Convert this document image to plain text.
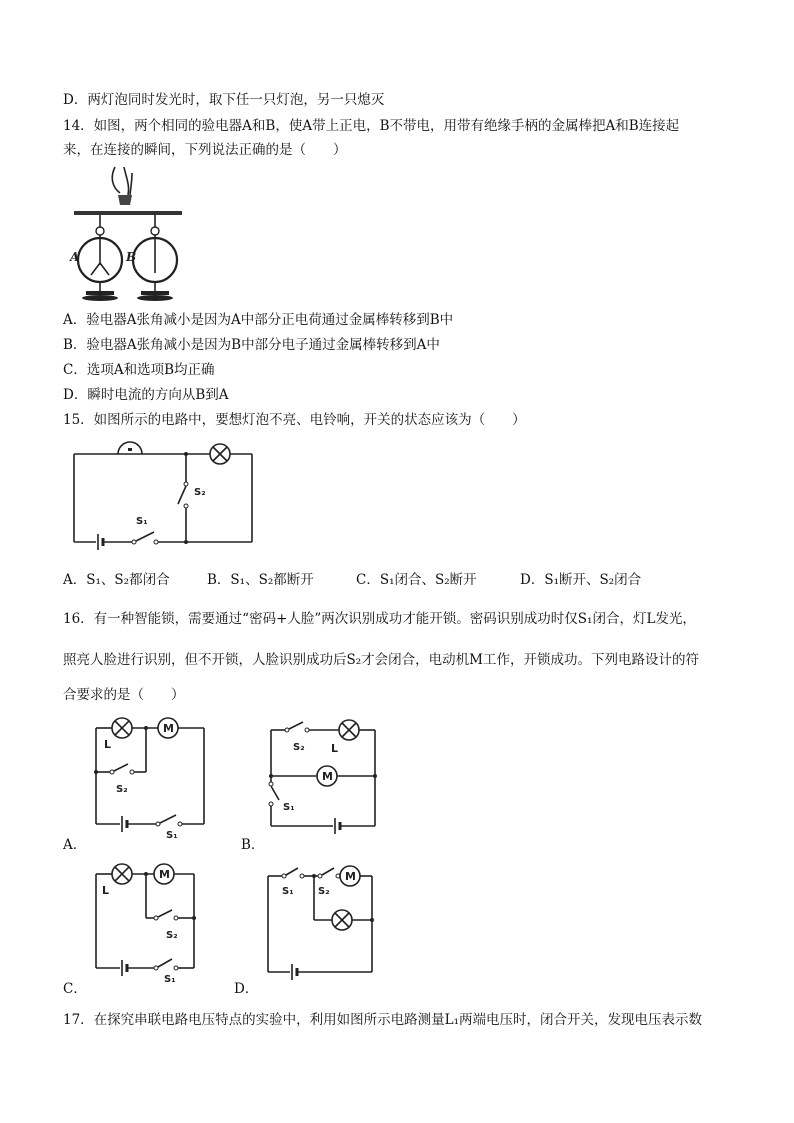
D．两灯泡同时发光时，取下任一只灯泡，另一只熄灭
14．如图，两个相同的验电器A和B，使A带上正电，B不带电，用带有绝缘手柄的金属棒把A和B连接起
来，在连接的瞬间，下列说法正确的是（　　）
A	B
A．验电器A张角减小是因为A中部分正电荷通过金属棒转移到B中
B．验电器A张角减小是因为B中部分电子通过金属棒转移到A中
C．选项A和选项B均正确
D．瞬时电流的方向从B到A
15．如图所示的电路中，要想灯泡不亮、电铃响，开关的状态应该为（　　）
S₂
S₁
A．S₁、S₂都闭合	B．S₁、S₂都断开	C．S₁闭合、S₂断开	D．S₁断开、S₂闭合
16．有一种智能锁，需要通过“密码+人脸”两次识别成功才能开锁。密码识别成功时仅S₁闭合，灯L发光，
照亮人脸进行识别，但不开锁，人脸识别成功后S₂才会闭合，电动机M工作，开锁成功。下列电路设计的符
合要求的是（　　）
M
L
S₂
S₁
A．
S₂ L
M
S₁
B．
M
L
S₂
S₁
C．
M
S₁ S₂
D．
17．在探究串联电路电压特点的实验中，利用如图所示电路测量L₁两端电压时，闭合开关，发现电压表示数
